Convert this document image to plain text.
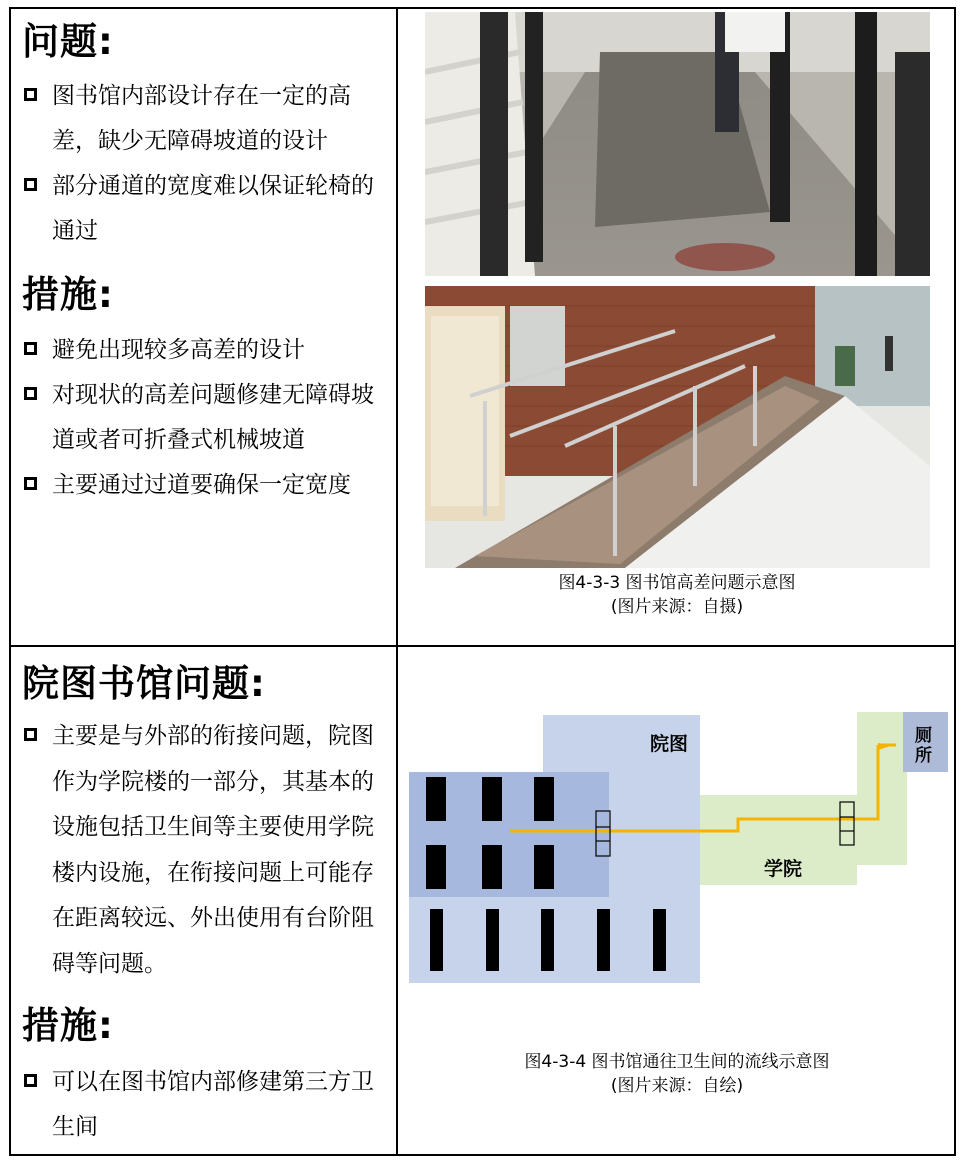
问题:
图书馆内部设计存在一定的高差，缺少无障碍坡道的设计
部分通道的宽度难以保证轮椅的通过
措施:
避免出现较多高差的设计
对现状的高差问题修建无障碍坡道或者可折叠式机械坡道
主要通过过道要确保一定宽度
图4-3-3 图书馆高差问题示意图
(图片来源：自摄)
院图书馆问题:
主要是与外部的衔接问题，院图作为学院楼的一部分，其基本的设施包括卫生间等主要使用学院楼内设施，在衔接问题上可能存在距离较远、外出使用有台阶阻碍等问题。
措施:
可以在图书馆内部修建第三方卫生间
院图
学院
厕
所
图4-3-4 图书馆通往卫生间的流线示意图
(图片来源：自绘)
